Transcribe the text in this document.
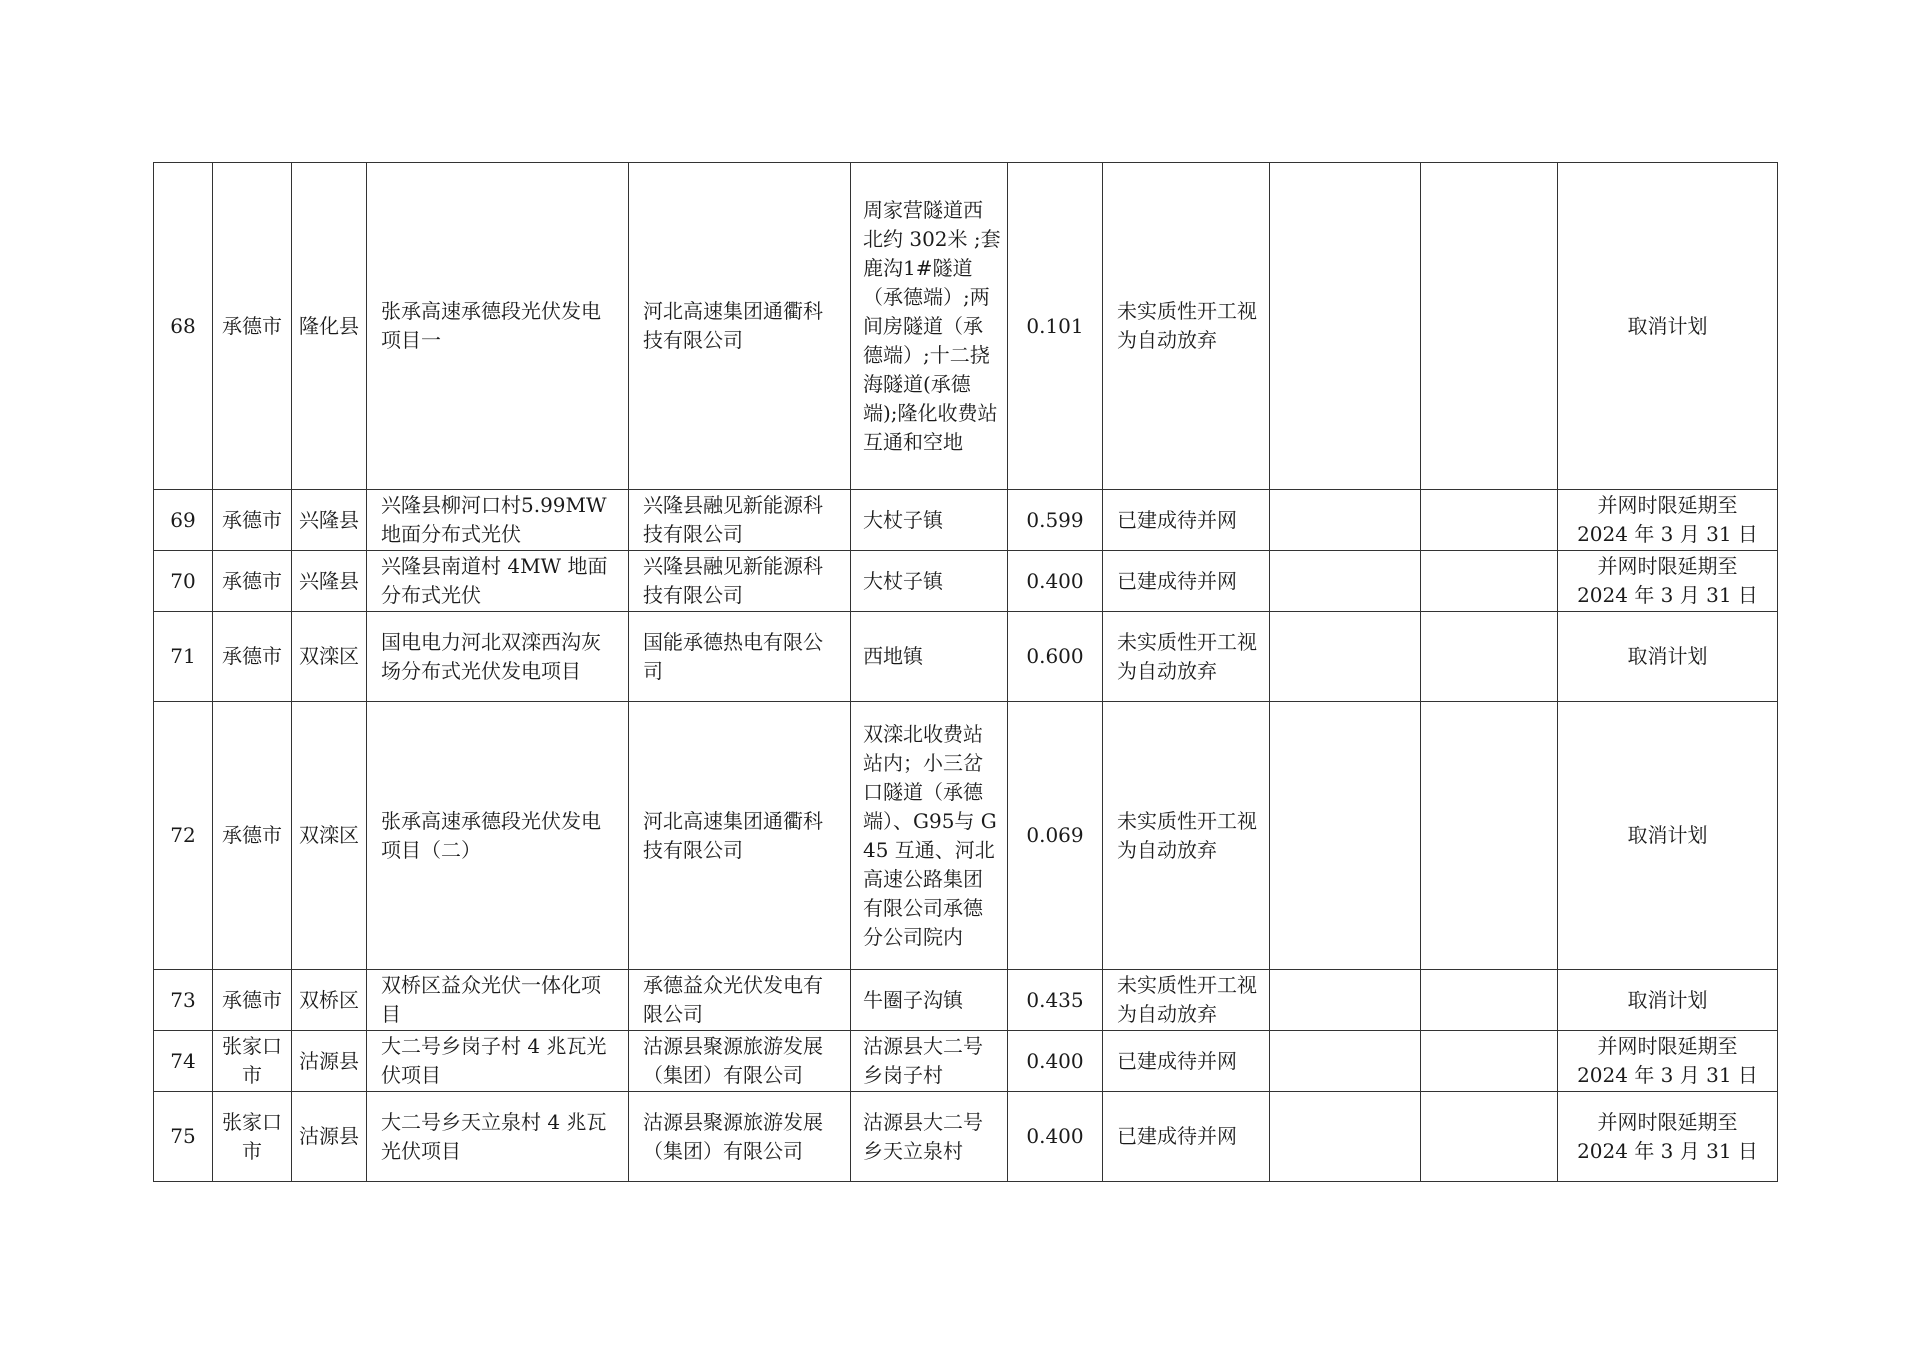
68	承德市	隆化县	张承高速承德段光伏发电项目一	河北高速集团通衢科技有限公司	周家营隧道西北约 302米 ;套鹿沟1#隧道（承德端）;两间房隧道（承德端）;十二挠海隧道(承德端);隆化收费站互通和空地	0.101	未实质性开工视为自动放弃			取消计划

69	承德市	兴隆县	兴隆县柳河口村5.99MW地面分布式光伏	兴隆县融见新能源科技有限公司	大杖子镇	0.599	已建成待并网			并网时限延期至
2024 年 3 月 31 日

70	承德市	兴隆县	兴隆县南道村 4MW 地面分布式光伏	兴隆县融见新能源科技有限公司	大杖子镇	0.400	已建成待并网			并网时限延期至
2024 年 3 月 31 日

71	承德市	双滦区	国电电力河北双滦西沟灰场分布式光伏发电项目	国能承德热电有限公司	西地镇	0.600	未实质性开工视为自动放弃			取消计划

72	承德市	双滦区	张承高速承德段光伏发电项目（二）	河北高速集团通衢科技有限公司	双滦北收费站站内；小三岔口隧道（承德端）、G95与 G45 互通、河北高速公路集团有限公司承德分公司院内	0.069	未实质性开工视为自动放弃			取消计划

73	承德市	双桥区	双桥区益众光伏一体化项目	承德益众光伏发电有限公司	牛圈子沟镇	0.435	未实质性开工视为自动放弃			取消计划

74	张家口市	沽源县	大二号乡岗子村 4 兆瓦光伏项目	沽源县聚源旅游发展（集团）有限公司	沽源县大二号乡岗子村	0.400	已建成待并网			并网时限延期至
2024 年 3 月 31 日

75	张家口市	沽源县	大二号乡天立泉村 4 兆瓦光伏项目	沽源县聚源旅游发展（集团）有限公司	沽源县大二号乡天立泉村	0.400	已建成待并网			并网时限延期至
2024 年 3 月 31 日
